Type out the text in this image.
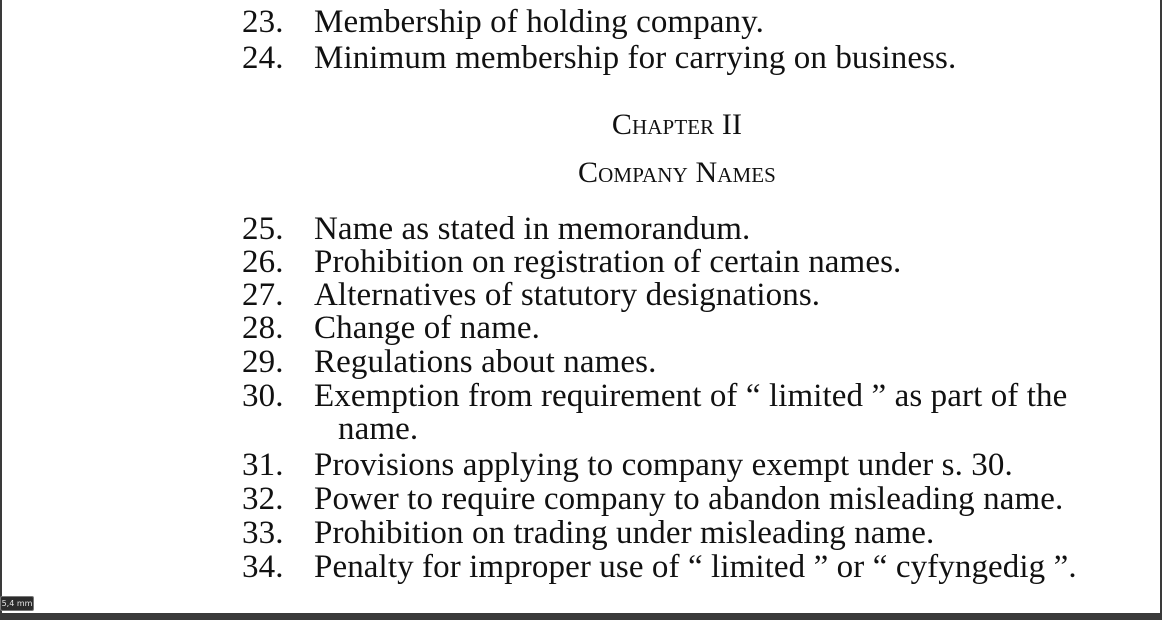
23. Membership of holding company.
24. Minimum membership for carrying on business.
Chapter II
Company Names
25. Name as stated in memorandum.
26. Prohibition on registration of certain names.
27. Alternatives of statutory designations.
28. Change of name.
29. Regulations about names.
30. Exemption from requirement of “ limited ” as part of the
name.
31. Provisions applying to company exempt under s. 30.
32. Power to require company to abandon misleading name.
33. Prohibition on trading under misleading name.
34. Penalty for improper use of “ limited ” or “ cyfyngedig ”.
5,4 mm
